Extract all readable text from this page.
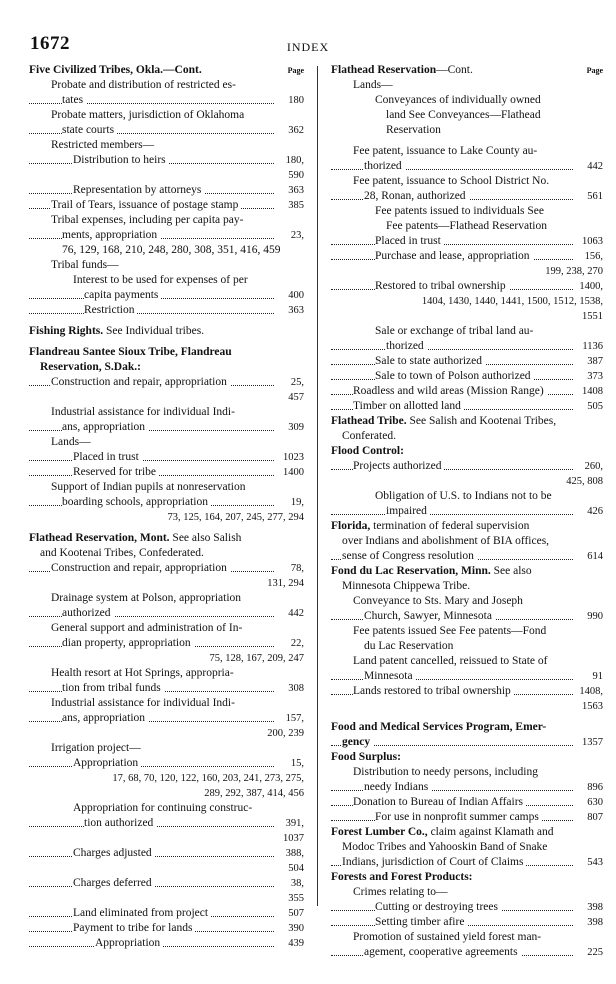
1672	INDEX
Five Civilized Tribes, Okla.—Cont.	Page
Probate and distribution of restricted es-
tates	180
Probate matters, jurisdiction of Oklahoma
state courts	362
Restricted members—
Distribution to heirs	180,
590
Representation by attorneys	363
Trail of Tears, issuance of postage stamp	385
Tribal expenses, including per capita pay-
ments, appropriation	23,
76, 129, 168, 210, 248, 280, 308, 351, 416, 459
Tribal funds—
Interest to be used for expenses of per
capita payments	400
Restriction	363
Fishing Rights. See Individual tribes.
Flandreau Santee Sioux Tribe, Flandreau
Reservation, S.Dak.:
Construction and repair, appropriation	25,
457
Industrial assistance for individual Indi-
ans, appropriation	309
Lands—
Placed in trust	1023
Reserved for tribe	1400
Support of Indian pupils at nonreservation
boarding schools, appropriation	19,
73, 125, 164, 207, 245, 277, 294
Flathead Reservation, Mont. See also Salish
and Kootenai Tribes, Confederated.
Construction and repair, appropriation	78,
131, 294
Drainage system at Polson, appropriation
authorized	442
General support and administration of In-
dian property, appropriation	22,
75, 128, 167, 209, 247
Health resort at Hot Springs, appropria-
tion from tribal funds	308
Industrial assistance for individual Indi-
ans, appropriation	157,
200, 239
Irrigation project—
Appropriation	15,
17, 68, 70, 120, 122, 160, 203, 241, 273, 275,
289, 292, 387, 414, 456
Appropriation for continuing construc-
tion authorized	391,
1037
Charges adjusted	388,
504
Charges deferred	38,
355
Land eliminated from project	507
Payment to tribe for lands	390
Appropriation	439
Flathead Reservation—Cont.	Page
Lands—
Conveyances of individually owned
land See Conveyances—Flathead
Reservation
Fee patent, issuance to Lake County au-
thorized	442
Fee patent, issuance to School District No.
28, Ronan, authorized	561
Fee patents issued to individuals See
Fee patents—Flathead Reservation
Placed in trust	1063
Purchase and lease, appropriation	156,
199, 238, 270
Restored to tribal ownership	1400,
1404, 1430, 1440, 1441, 1500, 1512, 1538,
1551
Sale or exchange of tribal land au-
thorized	1136
Sale to state authorized	387
Sale to town of Polson authorized	373
Roadless and wild areas (Mission Range)	1408
Timber on allotted land	505
Flathead Tribe. See Salish and Kootenai Tribes,
Conferated.
Flood Control:
Projects authorized	260,
425, 808
Obligation of U.S. to Indians not to be
impaired	426
Florida, termination of federal supervision
over Indians and abolishment of BIA offices,
sense of Congress resolution	614
Fond du Lac Reservation, Minn. See also
Minnesota Chippewa Tribe.
Conveyance to Sts. Mary and Joseph
Church, Sawyer, Minnesota	990
Fee patents issued See Fee patents—Fond
du Lac Reservation
Land patent cancelled, reissued to State of
Minnesota	91
Lands restored to tribal ownership	1408,
1563
Food and Medical Services Program, Emer-
gency	1357
Food Surplus:
Distribution to needy persons, including
needy Indians	896
Donation to Bureau of Indian Affairs	630
For use in nonprofit summer camps	807
Forest Lumber Co., claim against Klamath and
Modoc Tribes and Yahooskin Band of Snake
Indians, jurisdiction of Court of Claims	543
Forests and Forest Products:
Crimes relating to—
Cutting or destroying trees	398
Setting timber afire	398
Promotion of sustained yield forest man-
agement, cooperative agreements	225
